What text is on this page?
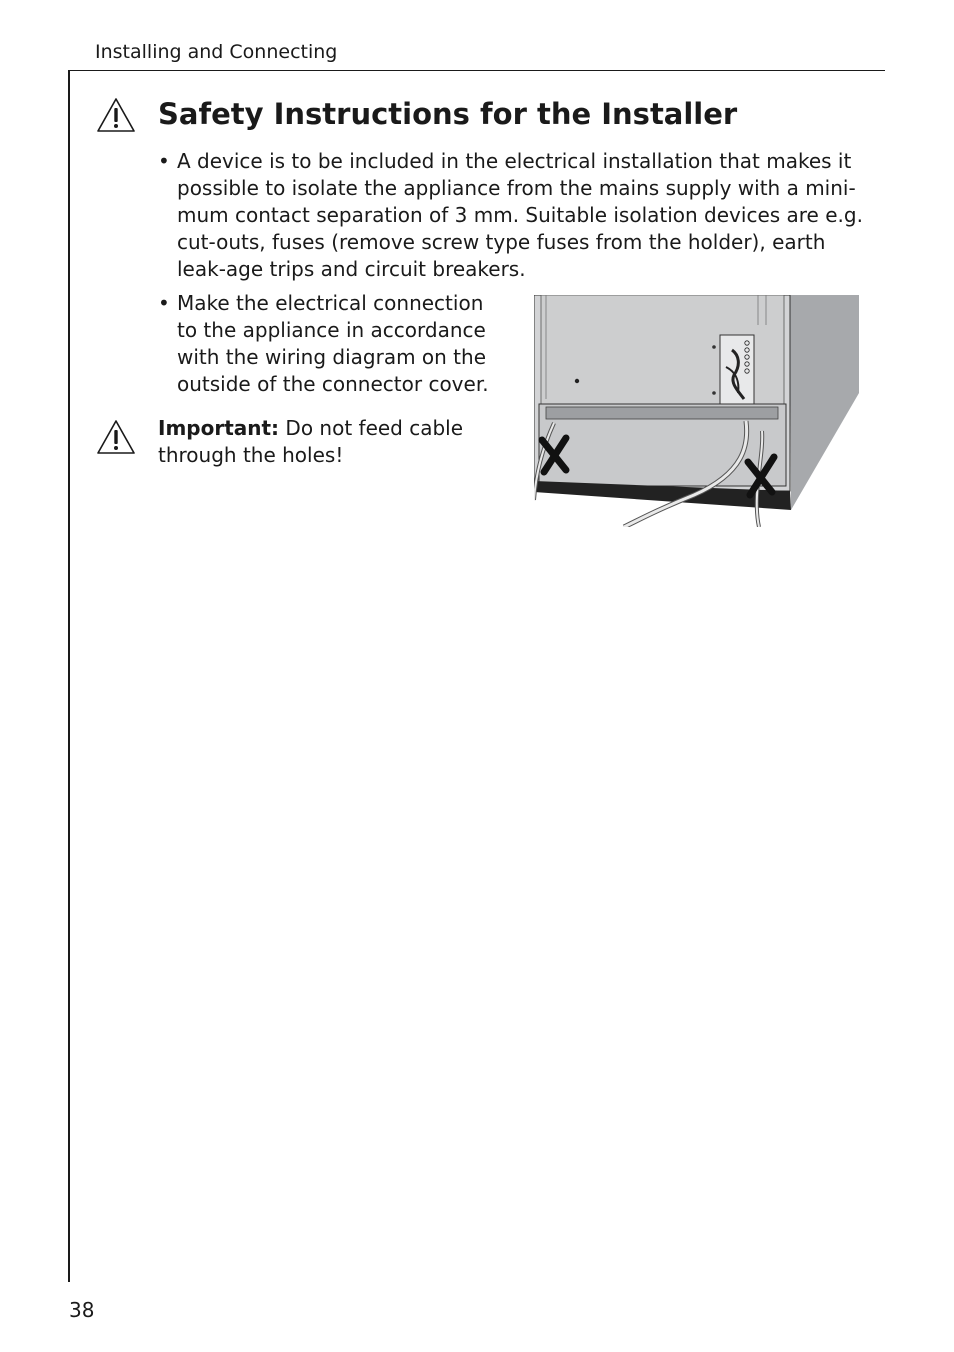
Installing and Connecting
Safety Instructions for the Installer
• A device is to be included in the electrical installation that makes it possible to isolate the appliance from the mains supply with a mini-mum contact separation of 3 mm. Suitable isolation devices are e.g. cut-outs, fuses (remove screw type fuses from the holder), earth leak-age trips and circuit breakers.
• Make the electrical connection to the appliance in accordance with the wiring diagram on the outside of the connector cover.
Important: Do not feed cable through the holes!
38
